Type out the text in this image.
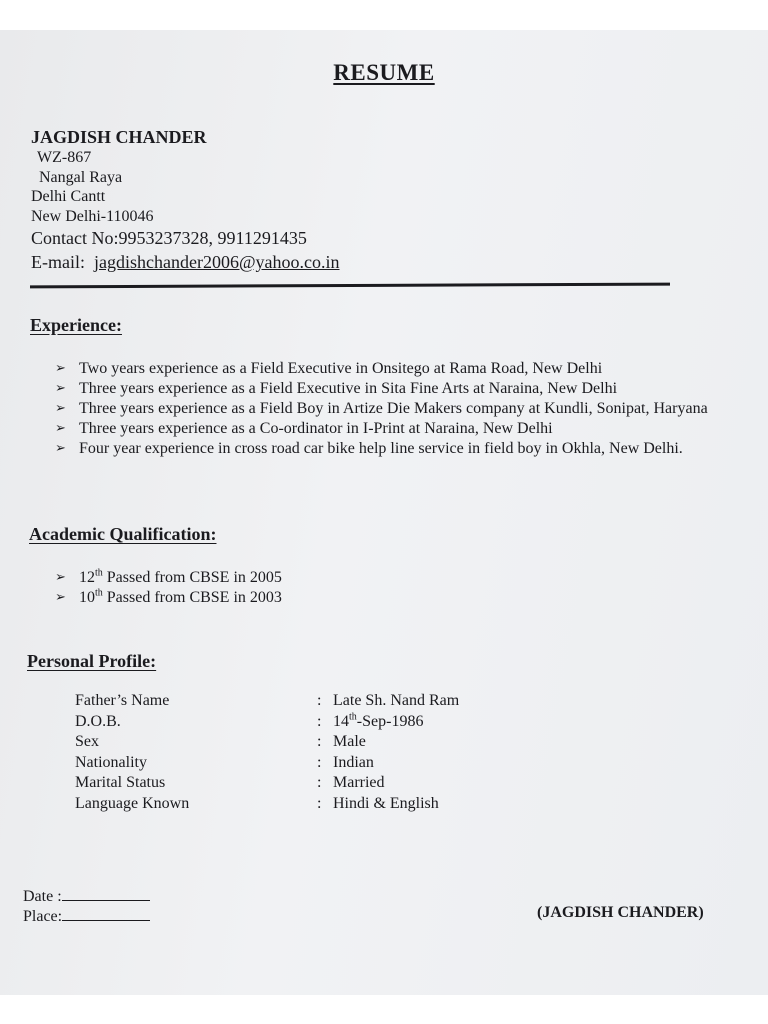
RESUME
JAGDISH CHANDER
WZ-867
Nangal Raya
Delhi Cantt
New Delhi-110046
Contact No:9953237328, 9911291435
E-mail: jagdishchander2006@yahoo.co.in
Experience:
➢ Two years experience as a Field Executive in Onsitego at Rama Road, New Delhi
➢ Three years experience as a Field Executive in Sita Fine Arts at Naraina, New Delhi
➢ Three years experience as a Field Boy in Artize Die Makers company at Kundli, Sonipat, Haryana
➢ Three years experience as a Co-ordinator in I-Print at Naraina, New Delhi
➢ Four year experience in cross road car bike help line service in field boy in Okhla, New Delhi.
Academic Qualification:
➢ 12th Passed from CBSE in 2005
➢ 10th Passed from CBSE in 2003
Personal Profile:
Father’s Name	: Late Sh. Nand Ram
D.O.B.	: 14th-Sep-1986
Sex	: Male
Nationality	: Indian
Marital Status	: Married
Language Known	: Hindi & English
Date :
Place:	(JAGDISH CHANDER)
